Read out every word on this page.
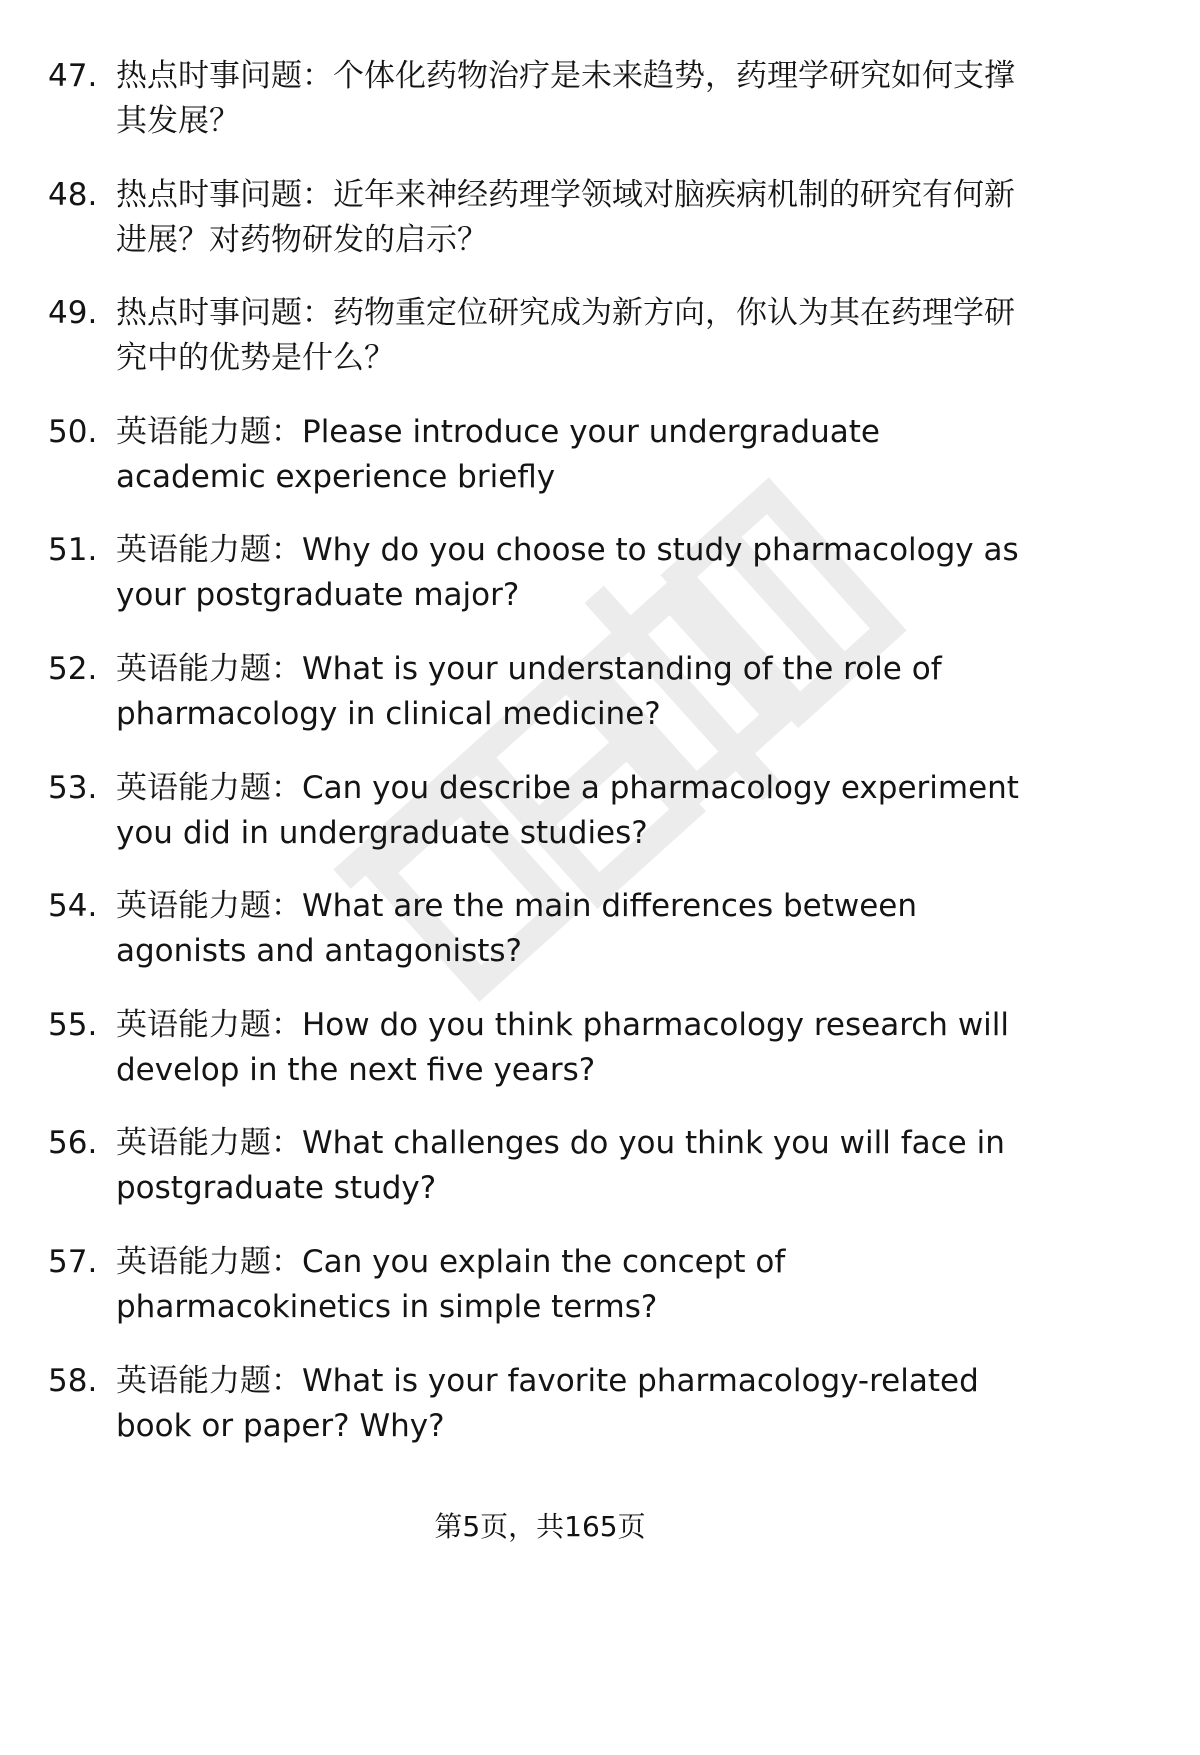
47. 热点时事问题：个体化药物治疗是未来趋势，药理学研究如何支撑其发展？
48. 热点时事问题：近年来神经药理学领域对脑疾病机制的研究有何新进展？对药物研发的启示？
49. 热点时事问题：药物重定位研究成为新方向，你认为其在药理学研究中的优势是什么？
50. 英语能力题：Please introduce your undergraduate academic experience briefly
51. 英语能力题：Why do you choose to study pharmacology as your postgraduate major?
52. 英语能力题：What is your understanding of the role of pharmacology in clinical medicine?
53. 英语能力题：Can you describe a pharmacology experiment you did in undergraduate studies?
54. 英语能力题：What are the main differences between agonists and antagonists?
55. 英语能力题：How do you think pharmacology research will develop in the next five years?
56. 英语能力题：What challenges do you think you will face in postgraduate study?
57. 英语能力题：Can you explain the concept of pharmacokinetics in simple terms?
58. 英语能力题：What is your favorite pharmacology-related book or paper? Why?
第5页，共165页
